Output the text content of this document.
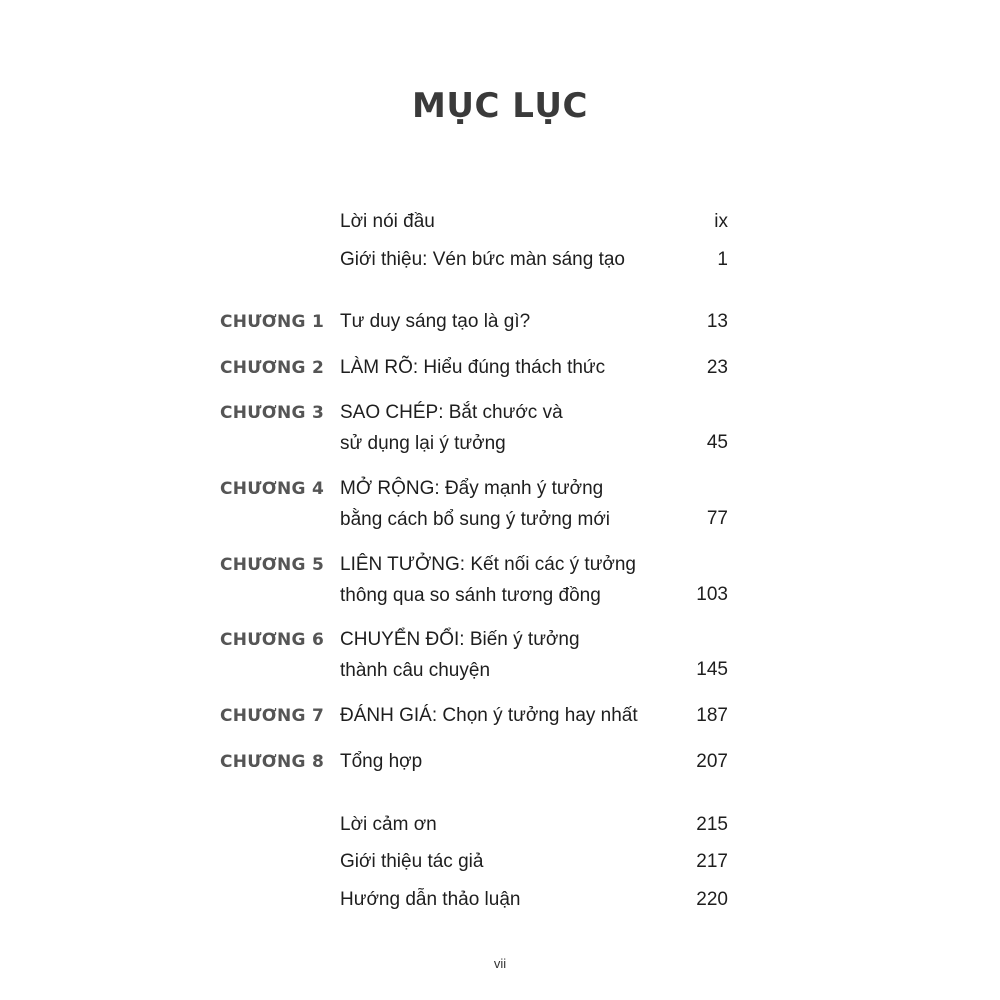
MỤC LỤC
Lời nói đầu	ix
Giới thiệu: Vén bức màn sáng tạo	1
CHƯƠNG 1 Tư duy sáng tạo là gì?	13
CHƯƠNG 2 LÀM RÕ: Hiểu đúng thách thức	23
CHƯƠNG 3 SAO CHÉP: Bắt chước và
sử dụng lại ý tưởng	45
CHƯƠNG 4 MỞ RỘNG: Đẩy mạnh ý tưởng
bằng cách bổ sung ý tưởng mới	77
CHƯƠNG 5 LIÊN TƯỞNG: Kết nối các ý tưởng
thông qua so sánh tương đồng	103
CHƯƠNG 6 CHUYỂN ĐỔI: Biến ý tưởng
thành câu chuyện	145
CHƯƠNG 7 ĐÁNH GIÁ: Chọn ý tưởng hay nhất	187
CHƯƠNG 8 Tổng hợp	207
Lời cảm ơn	215
Giới thiệu tác giả	217
Hướng dẫn thảo luận	220
vii
